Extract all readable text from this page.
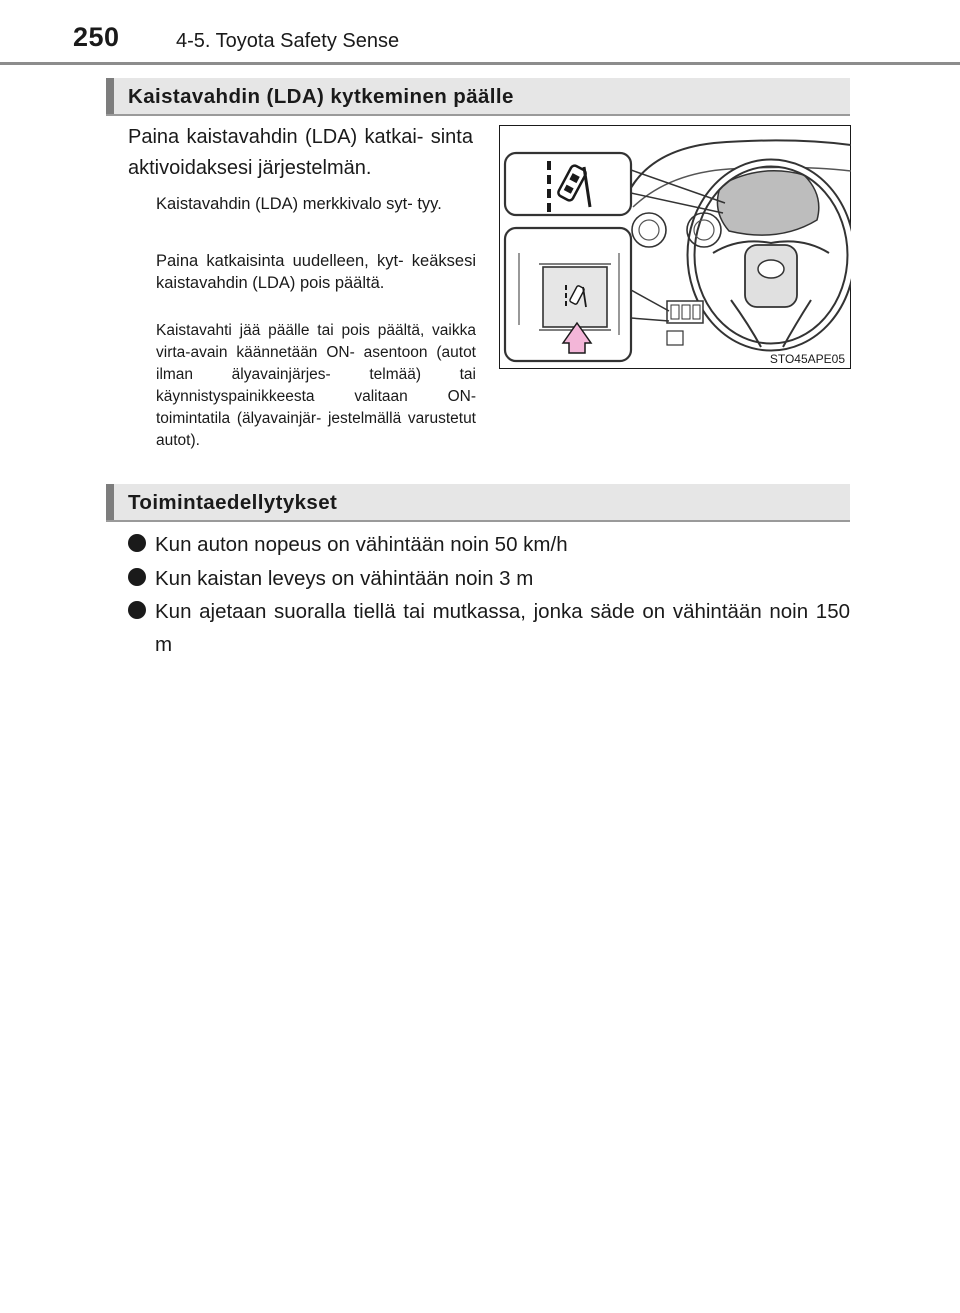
250	4-5. Toyota Safety Sense
Kaistavahdin (LDA) kytkeminen päälle
Paina kaistavahdin (LDA) katkai- sinta aktivoidaksesi järjestelmän.
Kaistavahdin (LDA) merkkivalo syt- tyy.
Paina katkaisinta uudelleen, kyt- keäksesi kaistavahdin (LDA) pois päältä.
Kaistavahti jää päälle tai pois päältä, vaikka virta-avain käännetään ON- asentoon (autot ilman älyavainjärjes- telmää) tai käynnistyspainikkeesta valitaan ON-toimintatila (älyavainjär- jestelmällä varustetut autot).
STO45APE05
Toimintaedellytykset
Kun auton nopeus on vähintään noin 50 km/h
Kun kaistan leveys on vähintään noin 3 m
Kun ajetaan suoralla tiellä tai mutkassa, jonka säde on vähintään noin 150 m
